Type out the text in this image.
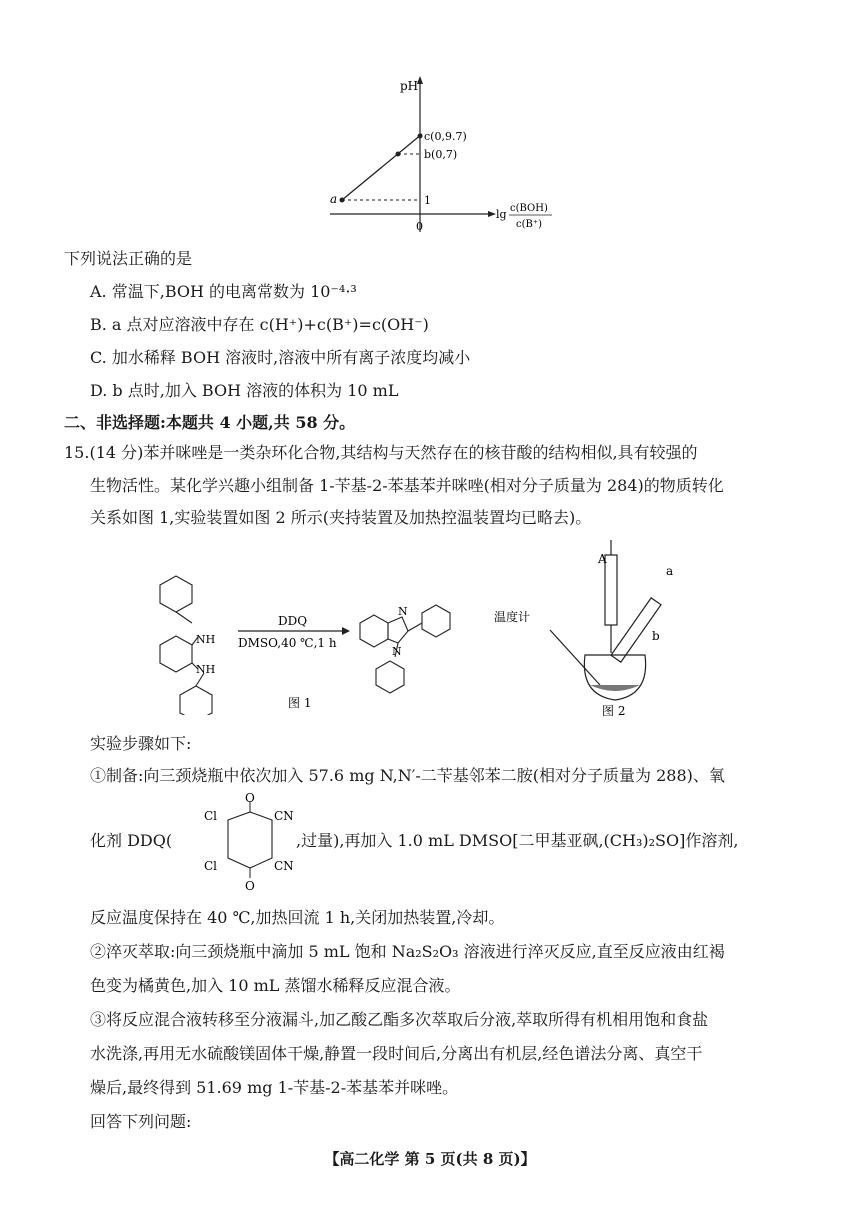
pH
0
a	1
b(0,7)
c(0,9.7)
lg c(BOH)
c(B⁺)
下列说法正确的是
A. 常温下,BOH 的电离常数为 10⁻⁴·³
B. a 点对应溶液中存在 c(H⁺)+c(B⁺)=c(OH⁻)
C. 加水稀释 BOH 溶液时,溶液中所有离子浓度均减小
D. b 点时,加入 BOH 溶液的体积为 10 mL
二、非选择题:本题共 4 小题,共 58 分。
15.(14 分)苯并咪唑是一类杂环化合物,其结构与天然存在的核苷酸的结构相似,具有较强的
生物活性。某化学兴趣小组制备 1-苄基-2-苯基苯并咪唑(相对分子质量为 284)的物质转化
关系如图 1,实验装置如图 2 所示(夹持装置及加热控温装置均已略去)。
NH
NH
N
N
DDQ
DMSO,40 ℃,1 h
图 1
A
a
b
温度计
图 2
实验步骤如下:
①制备:向三颈烧瓶中依次加入 57.6 mg N,N′-二苄基邻苯二胺(相对分子质量为 288)、氧
化剂 DDQ(
O
O
Cl
Cl
CN
CN
,过量),再加入 1.0 mL DMSO[二甲基亚砜,(CH₃)₂SO]作溶剂,
反应温度保持在 40 ℃,加热回流 1 h,关闭加热装置,冷却。
②淬灭萃取:向三颈烧瓶中滴加 5 mL 饱和 Na₂S₂O₃ 溶液进行淬灭反应,直至反应液由红褐
色变为橘黄色,加入 10 mL 蒸馏水稀释反应混合液。
③将反应混合液转移至分液漏斗,加乙酸乙酯多次萃取后分液,萃取所得有机相用饱和食盐
水洗涤,再用无水硫酸镁固体干燥,静置一段时间后,分离出有机层,经色谱法分离、真空干
燥后,最终得到 51.69 mg 1-苄基-2-苯基苯并咪唑。
回答下列问题:
【高二化学 第 5 页(共 8 页)】
